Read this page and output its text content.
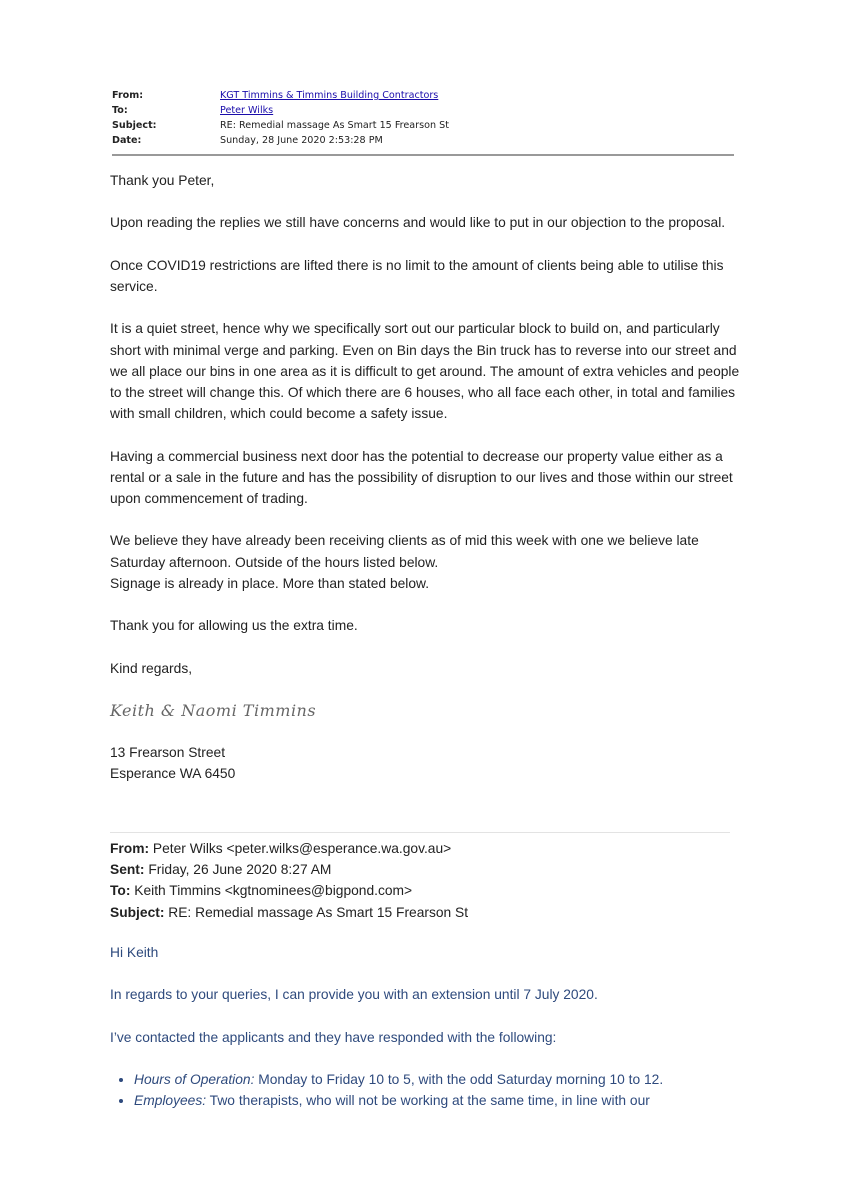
From:	KGT Timmins & Timmins Building Contractors
To:	Peter Wilks
Subject:	RE: Remedial massage As Smart 15 Frearson St
Date:	Sunday, 28 June 2020 2:53:28 PM

Thank you Peter,

Upon reading the replies we still have concerns and would like to put in our objection to the proposal.

Once COVID19 restrictions are lifted there is no limit to the amount of clients being able to utilise this service.

It is a quiet street, hence why we specifically sort out our particular block to build on, and particularly short with minimal verge and parking. Even on Bin days the Bin truck has to reverse into our street and we all place our bins in one area as it is difficult to get around. The amount of extra vehicles and people to the street will change this. Of which there are 6 houses, who all face each other, in total and families with small children, which could become a safety issue.

Having a commercial business next door has the potential to decrease our property value either as a rental or a sale in the future and has the possibility of disruption to our lives and those within our street upon commencement of trading.

We believe they have already been receiving clients as of mid this week with one we believe late Saturday afternoon. Outside of the hours listed below.
Signage is already in place. More than stated below.

Thank you for allowing us the extra time.

Kind regards,

Keith & Naomi Timmins

13 Frearson Street
Esperance WA 6450

From: Peter Wilks <peter.wilks@esperance.wa.gov.au>
Sent: Friday, 26 June 2020 8:27 AM
To: Keith Timmins <kgtnominees@bigpond.com>
Subject: RE: Remedial massage As Smart 15 Frearson St

Hi Keith

In regards to your queries, I can provide you with an extension until 7 July 2020.

I’ve contacted the applicants and they have responded with the following:

• Hours of Operation: Monday to Friday 10 to 5, with the odd Saturday morning 10 to 12.
• Employees: Two therapists, who will not be working at the same time, in line with our
